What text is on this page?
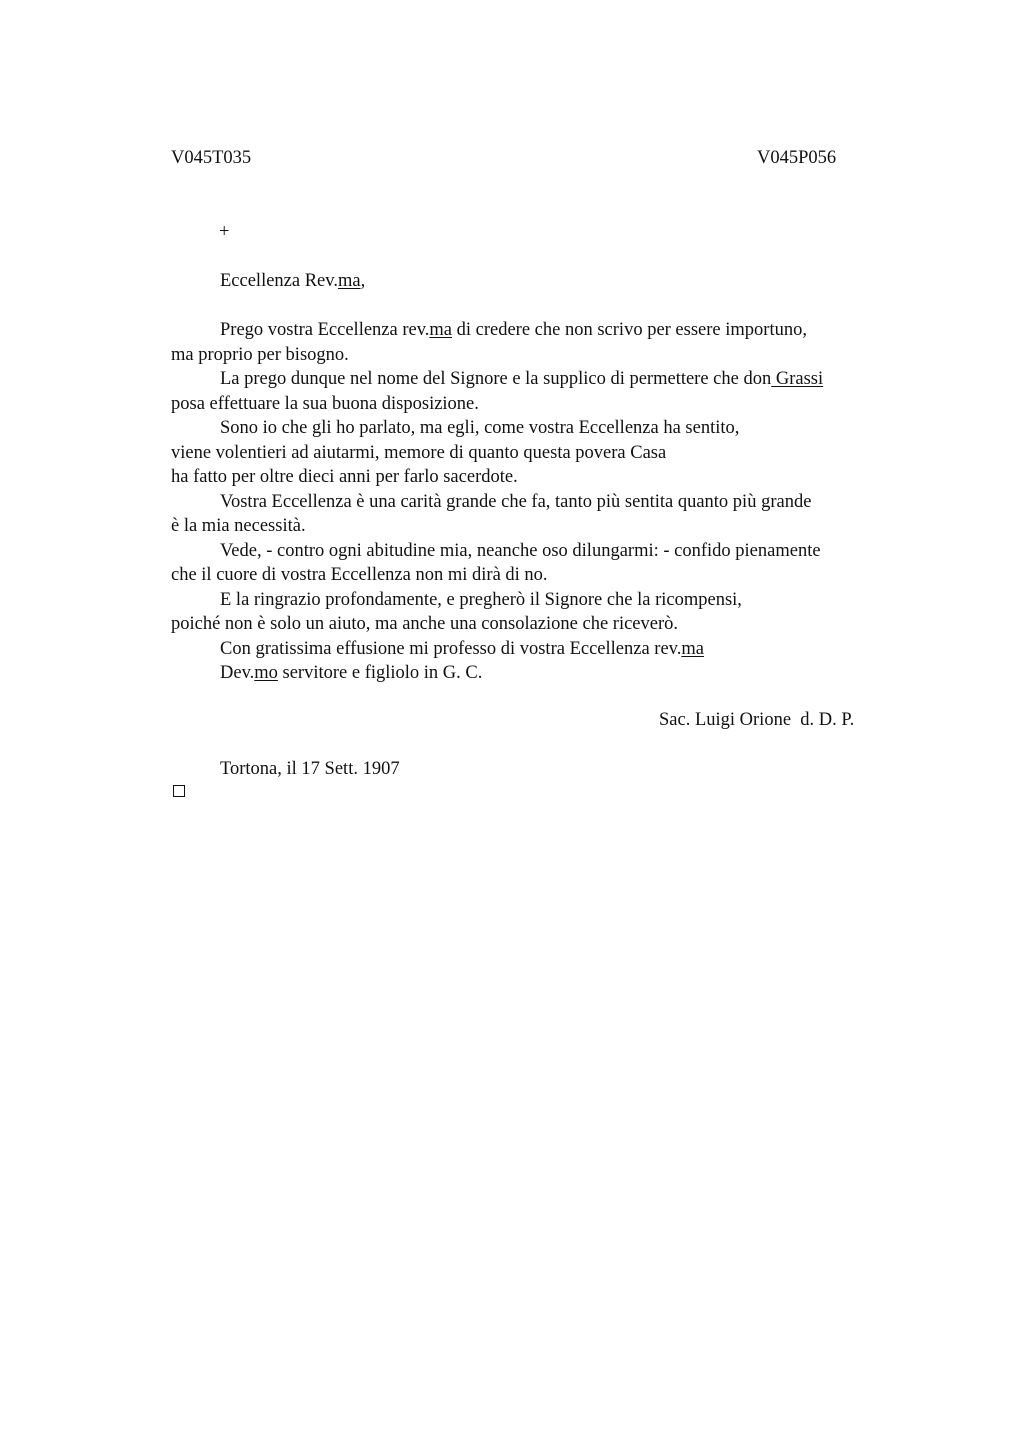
V045T035	V045P056
+
Eccellenza Rev.ma,
Prego vostra Eccellenza rev.ma di credere che non scrivo per essere importuno,
ma proprio per bisogno.
La prego dunque nel nome del Signore e la supplico di permettere che don Grassi
posa effettuare la sua buona disposizione.
Sono io che gli ho parlato, ma egli, come vostra Eccellenza ha sentito,
viene volentieri ad aiutarmi, memore di quanto questa povera Casa
ha fatto per oltre dieci anni per farlo sacerdote.
Vostra Eccellenza è una carità grande che fa, tanto più sentita quanto più grande
è la mia necessità.
Vede, - contro ogni abitudine mia, neanche oso dilungarmi: - confido pienamente
che il cuore di vostra Eccellenza non mi dirà di no.
E la ringrazio profondamente, e pregherò il Signore che la ricompensi,
poiché non è solo un aiuto, ma anche una consolazione che riceverò.
Con gratissima effusione mi professo di vostra Eccellenza rev.ma
Dev.mo servitore e figliolo in G. C.
Sac. Luigi Orione  d. D. P.
Tortona, il 17 Sett. 1907
